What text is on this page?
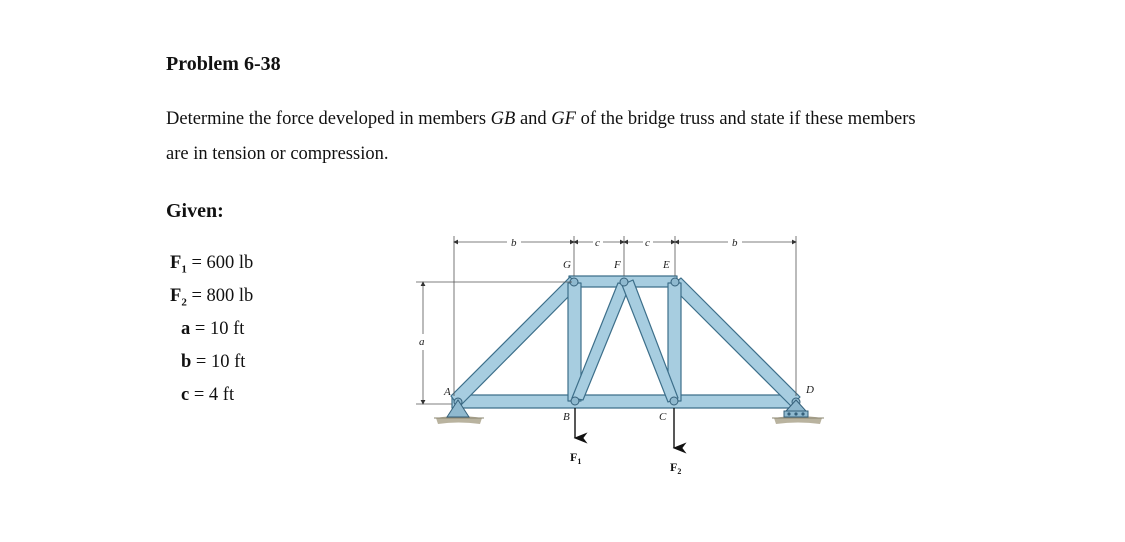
Problem 6-38
Determine the force developed in members GB and GF of the bridge truss and state if these members are in tension or compression.
Given:
$F_1 = 600$ lb
$F_2 = 800$ lb
a = 10 ft
b = 10 ft
c = 4 ft
b	c	c	b
a
G	F	E
A	D
B	C
$F_1$	$F_2$
